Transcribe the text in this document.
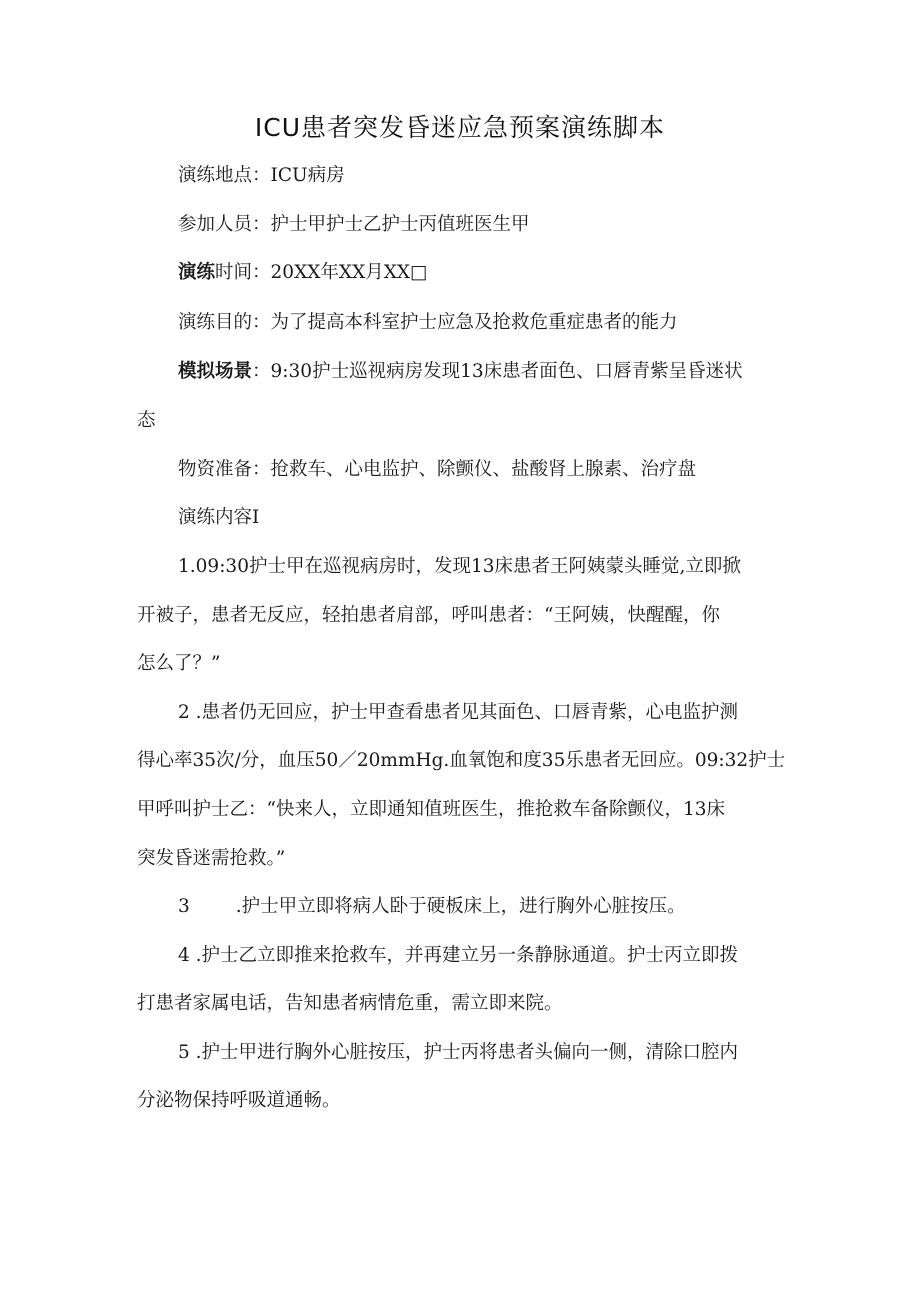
ICU患者突发昏迷应急预案演练脚本
演练地点：ICU病房
参加人员：护士甲护士乙护士丙值班医生甲
演练时间：20XX年XX月XX□
演练目的：为了提高本科室护士应急及抢救危重症患者的能力
模拟场景：9:30护士巡视病房发现13床患者面色、口唇青紫呈昏迷状
态
物资准备：抢救车、心电监护、除颤仪、盐酸肾上腺素、治疗盘
演练内容I
1.09:30护士甲在巡视病房时，发现13床患者王阿姨蒙头睡觉,立即掀
开被子，患者无反应，轻拍患者肩部，呼叫患者：“王阿姨，快醒醒，你
怎么了？”
2 .患者仍无回应，护士甲查看患者见其面色、口唇青紫，心电监护测
得心率35次/分，血压50／20mmHg.血氧饱和度35乐患者无回应。09:32护士
甲呼叫护士乙：“快来人，立即通知值班医生，推抢救车备除颤仪，13床
突发昏迷需抢救。”
3 .护士甲立即将病人卧于硬板床上，进行胸外心脏按压。
4 .护士乙立即推来抢救车，并再建立另一条静脉通道。护士丙立即拨
打患者家属电话，告知患者病情危重，需立即来院。
5 .护士甲进行胸外心脏按压，护士丙将患者头偏向一侧，清除口腔内
分泌物保持呼吸道通畅。
